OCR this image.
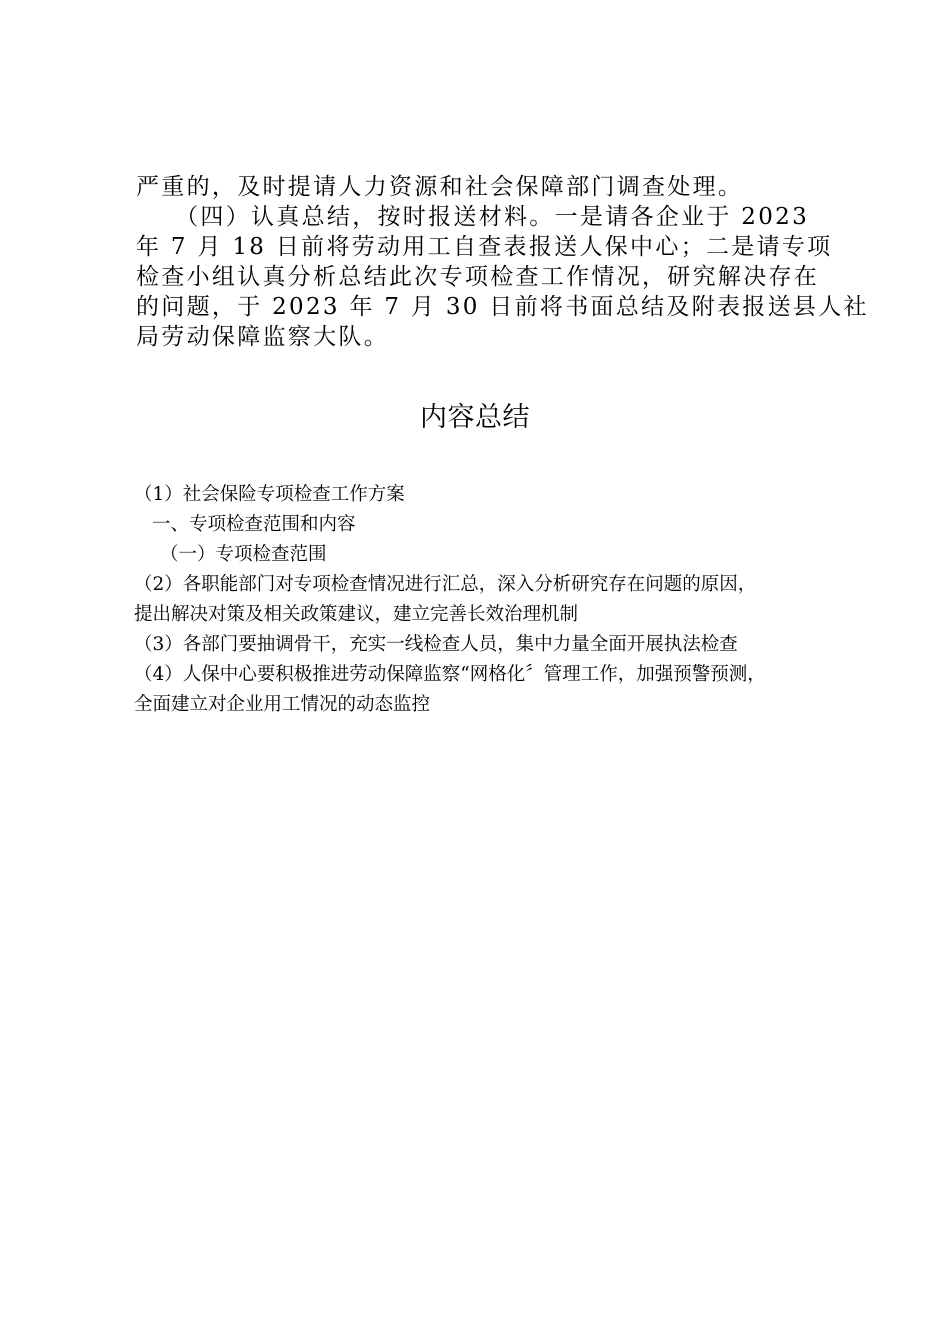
严重的，及时提请人力资源和社会保障部门调查处理。
　　（四）认真总结，按时报送材料。一是请各企业于 2023
年 7 月 18 日前将劳动用工自查表报送人保中心；二是请专项
检查小组认真分析总结此次专项检查工作情况，研究解决存在
的问题，于 2023 年 7 月 30 日前将书面总结及附表报送县人社
局劳动保障监察大队。
内容总结
（1）社会保险专项检查工作方案
一、专项检查范围和内容
（一）专项检查范围
（2）各职能部门对专项检查情况进行汇总，深入分析研究存在问题的原因，
提出解决对策及相关政策建议，建立完善长效治理机制
（3）各部门要抽调骨干，充实一线检查人员，集中力量全面开展执法检查
（4）人保中心要积极推进劳动保障监察“网格化〞管理工作，加强预警预测，
全面建立对企业用工情况的动态监控
